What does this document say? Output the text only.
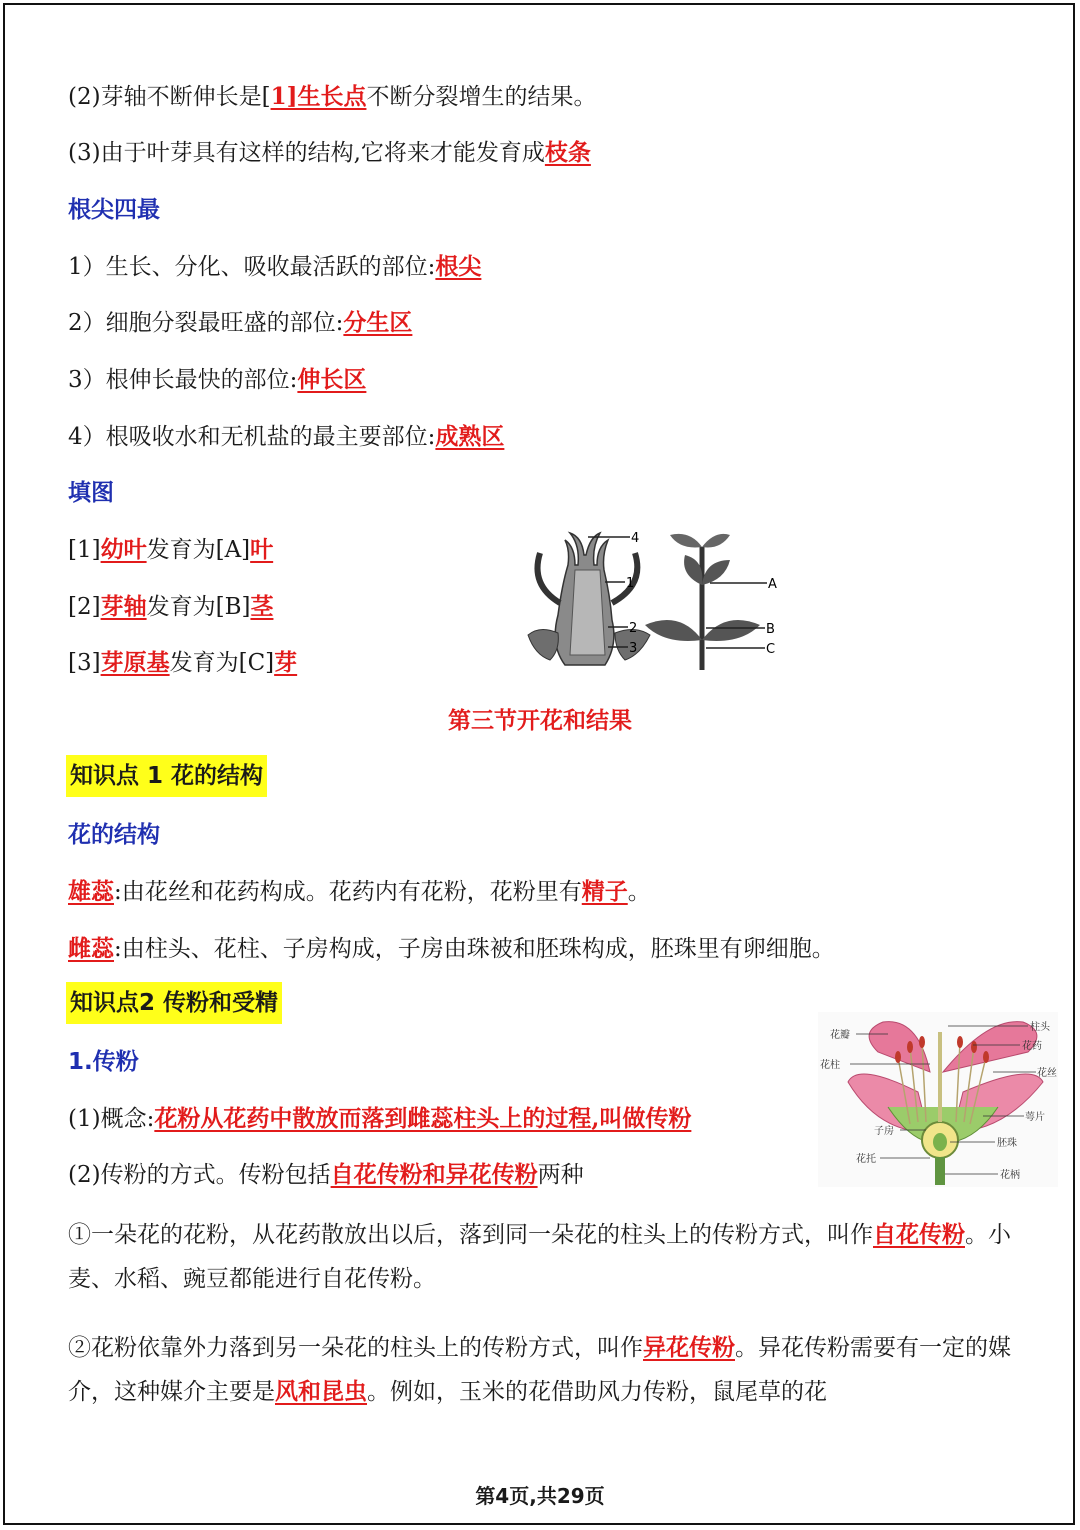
(2)芽轴不断伸长是[1]生长点不断分裂增生的结果。
(3)由于叶芽具有这样的结构,它将来才能发育成枝条
根尖四最
1）生长、分化、吸收最活跃的部位:根尖
2）细胞分裂最旺盛的部位:分生区
3）根伸长最快的部位:伸长区
4）根吸收水和无机盐的最主要部位:成熟区
填图
[1]幼叶发育为[A]叶
[2]芽轴发育为[B]茎
[3]芽原基发育为[C]芽
4
1
2
3
A
B
C
第三节开花和结果
知识点 1 花的结构
花的结构
雄蕊:由花丝和花药构成。花药内有花粉，花粉里有精子。
雌蕊:由柱头、花柱、子房构成，子房由珠被和胚珠构成，胚珠里有卵细胞。
知识点2 传粉和受精
1.传粉
(1)概念:花粉从花药中散放而落到雌蕊柱头上的过程,叫做传粉
(2)传粉的方式。传粉包括自花传粉和异花传粉两种
花瓣
花柱
子房
花托
柱头
花药
花丝
萼片
胚珠
花柄
①一朵花的花粉，从花药散放出以后，落到同一朵花的柱头上的传粉方式，叫作自花传粉。小麦、水稻、豌豆都能进行自花传粉。
②花粉依靠外力落到另一朵花的柱头上的传粉方式，叫作异花传粉。异花传粉需要有一定的媒介，这种媒介主要是风和昆虫。例如，玉米的花借助风力传粉，鼠尾草的花
第4页,共29页
